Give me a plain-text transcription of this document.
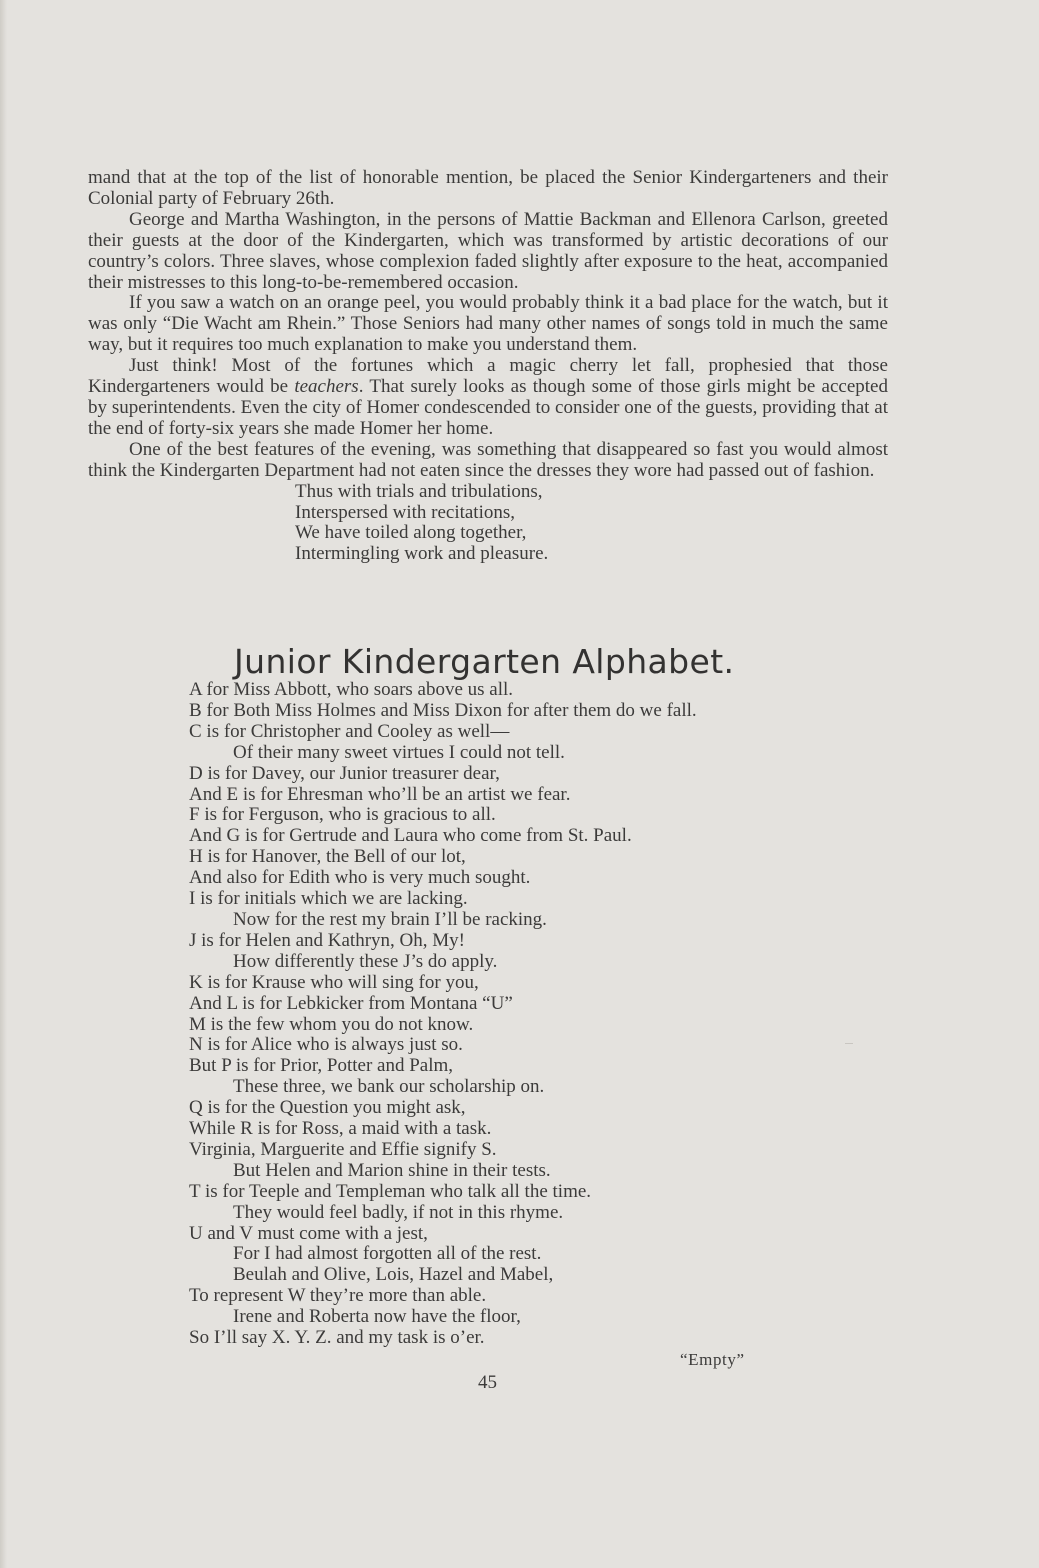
mand that at the top of the list of honorable mention, be placed the Senior Kindergarteners and their Colonial party of February 26th.

George and Martha Washington, in the persons of Mattie Backman and Ellenora Carlson, greeted their guests at the door of the Kindergarten, which was transformed by artistic decorations of our country’s colors. Three slaves, whose complexion faded slightly after exposure to the heat, accompanied their mistresses to this long-to-be-remembered occasion.

If you saw a watch on an orange peel, you would probably think it a bad place for the watch, but it was only “Die Wacht am Rhein.” Those Seniors had many other names of songs told in much the same way, but it requires too much explanation to make you understand them.

Just think! Most of the fortunes which a magic cherry let fall, prophesied that those Kindergarteners would be teachers. That surely looks as though some of those girls might be accepted by superintendents. Even the city of Homer condescended to consider one of the guests, providing that at the end of forty-six years she made Homer her home.

One of the best features of the evening, was something that disappeared so fast you would almost think the Kindergarten Department had not eaten since the dresses they wore had passed out of fashion.

Thus with trials and tribulations,
Interspersed with recitations,
We have toiled along together,
Intermingling work and pleasure.
Junior Kindergarten Alphabet.
A for Miss Abbott, who soars above us all.
B for Both Miss Holmes and Miss Dixon for after them do we fall.
C is for Christopher and Cooley as well—
Of their many sweet virtues I could not tell.
D is for Davey, our Junior treasurer dear,
And E is for Ehresman who’ll be an artist we fear.
F is for Ferguson, who is gracious to all.
And G is for Gertrude and Laura who come from St. Paul.
H is for Hanover, the Bell of our lot,
And also for Edith who is very much sought.
I is for initials which we are lacking.
Now for the rest my brain I’ll be racking.
J is for Helen and Kathryn, Oh, My!
How differently these J’s do apply.
K is for Krause who will sing for you,
And L is for Lebkicker from Montana “U”
M is the few whom you do not know.
N is for Alice who is always just so.
But P is for Prior, Potter and Palm,
These three, we bank our scholarship on.
Q is for the Question you might ask,
While R is for Ross, a maid with a task.
Virginia, Marguerite and Effie signify S.
But Helen and Marion shine in their tests.
T is for Teeple and Templeman who talk all the time.
They would feel badly, if not in this rhyme.
U and V must come with a jest,
For I had almost forgotten all of the rest.
Beulah and Olive, Lois, Hazel and Mabel,
To represent W they’re more than able.
Irene and Roberta now have the floor,
So I’ll say X. Y. Z. and my task is o’er.
“Empty”
45
